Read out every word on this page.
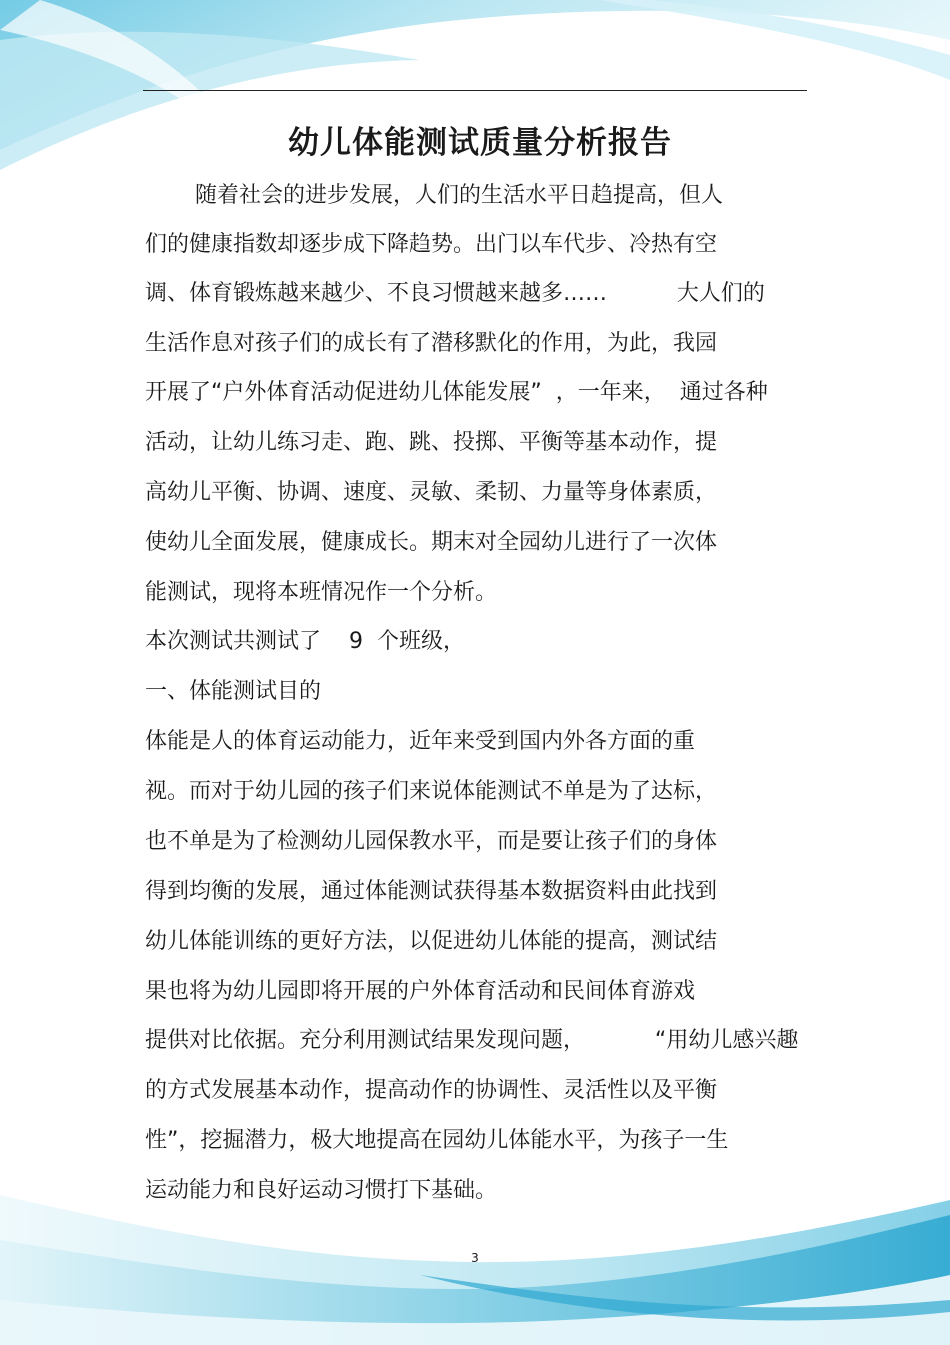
幼儿体能测试质量分析报告

随着社会的进步发展，人们的生活水平日趋提高，但人

们的健康指数却逐步成下降趋势。出门以车代步、冷热有空

调、体育锻炼越来越少、不良习惯越来越多……          大人们的

生活作息对孩子们的成长有了潜移默化的作用，为此，我园

开展了“户外体育活动促进幼儿体能发展”  ，一年来，  通过各种

活动，让幼儿练习走、跑、跳、投掷、平衡等基本动作，提

高幼儿平衡、协调、速度、灵敏、柔韧、力量等身体素质，

使幼儿全面发展，健康成长。期末对全园幼儿进行了一次体

能测试，现将本班情况作一个分析。

本次测试共测试了    9  个班级，

一、体能测试目的

体能是人的体育运动能力，近年来受到国内外各方面的重

视。而对于幼儿园的孩子们来说体能测试不单是为了达标，

也不单是为了检测幼儿园保教水平，而是要让孩子们的身体

得到均衡的发展，通过体能测试获得基本数据资料由此找到

幼儿体能训练的更好方法，以促进幼儿体能的提高，测试结

果也将为幼儿园即将开展的户外体育活动和民间体育游戏

提供对比依据。充分利用测试结果发现问题，          “用幼儿感兴趣

的方式发展基本动作，提高动作的协调性、灵活性以及平衡

性”，挖掘潜力，极大地提高在园幼儿体能水平，为孩子一生

运动能力和良好运动习惯打下基础。

3
